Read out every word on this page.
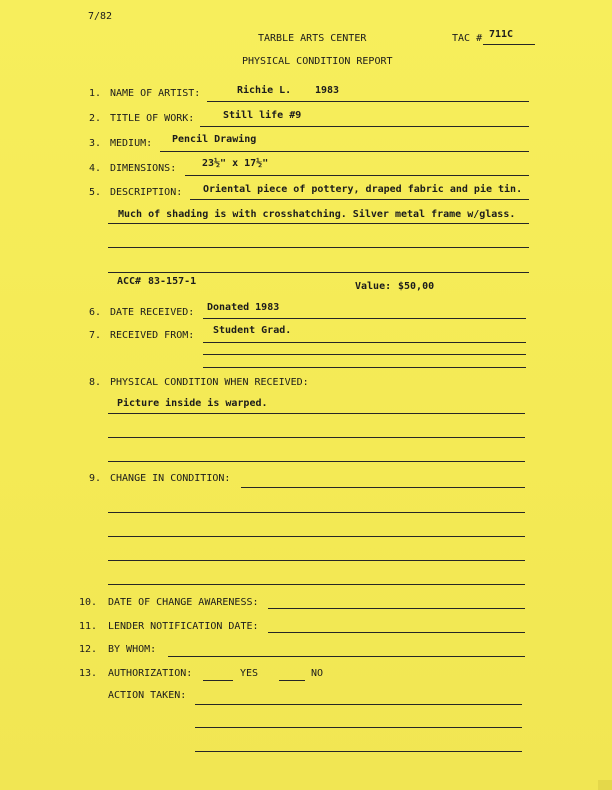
7/82
TARBLE ARTS CENTER	TAC # 711C
PHYSICAL CONDITION REPORT
1. NAME OF ARTIST:	Richie L. 1983
2. TITLE OF WORK:	Still life #9
3. MEDIUM: Pencil Drawing
4. DIMENSIONS:	23½" x 17½"
5. DESCRIPTION: Oriental piece of pottery, draped fabric and pie tin.
Much of shading is with crosshatching. Silver metal frame w/glass.
ACC# 83-157-1	Value: $50,00
6. DATE RECEIVED: Donated 1983
7. RECEIVED FROM: Student Grad.
8. PHYSICAL CONDITION WHEN RECEIVED:
Picture inside is warped.
9. CHANGE IN CONDITION:
10. DATE OF CHANGE AWARENESS:
11. LENDER NOTIFICATION DATE:
12. BY WHOM:
13. AUTHORIZATION:	YES	NO
ACTION TAKEN:
